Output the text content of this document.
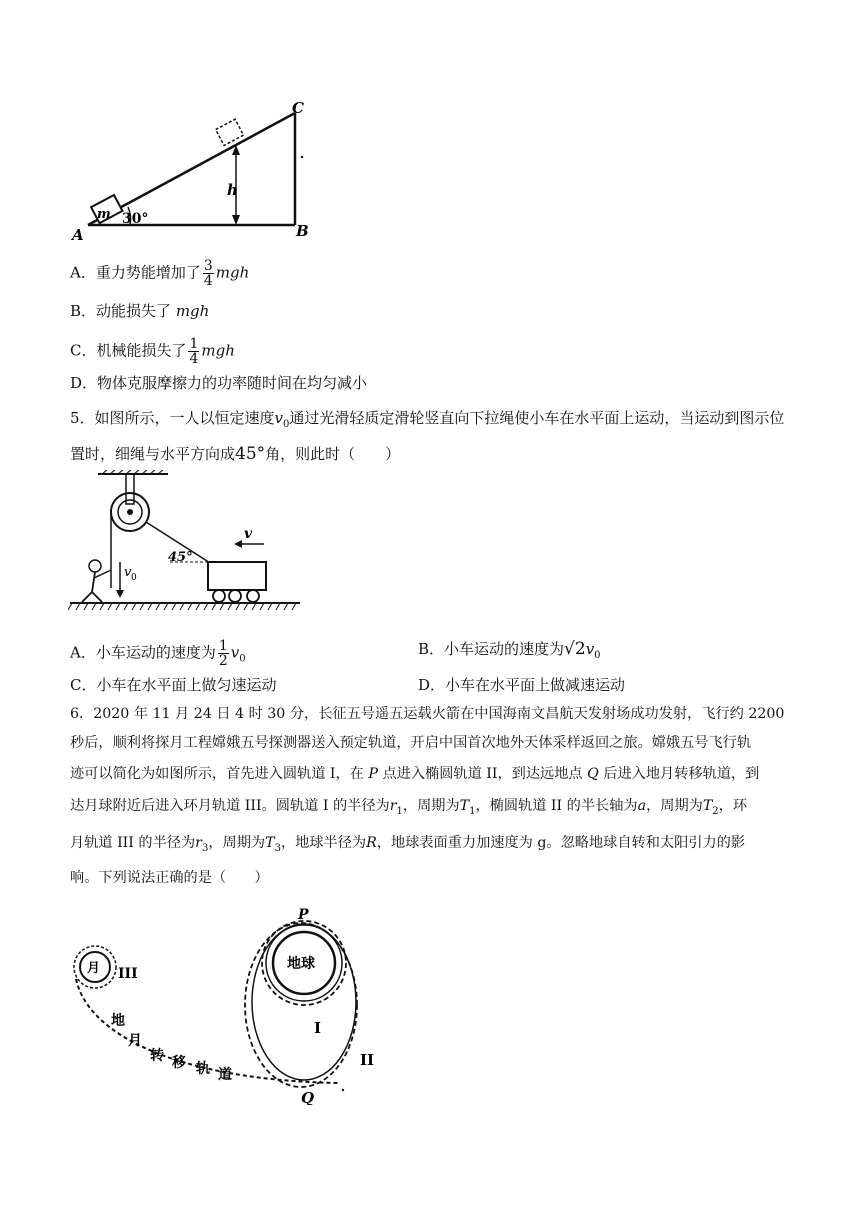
m 30°
h
A	B
C
A．重力势能增加了 $\frac{3}{4}$ mgh
B．动能损失了 mgh
C．机械能损失了 $\frac{1}{4}$ mgh
D．物体克服摩擦力的功率随时间在均匀减小
5．如图所示，一人以恒定速度$v_0$通过光滑轻质定滑轮竖直向下拉绳使小车在水平面上运动，当运动到图示位
置时，细绳与水平方向成45°角，则此时（　　）
45°
v
v 0
A．小车运动的速度为 $\frac{1}{2} v_0$
B．小车运动的速度为$√2v_0$
C．小车在水平面上做匀速运动	D．小车在水平面上做减速运动
6．2020 年 11 月 24 日 4 时 30 分，长征五号遥五运载火箭在中国海南文昌航天发射场成功发射，飞行约 2200
秒后，顺利将探月工程嫦娥五号探测器送入预定轨道，开启中国首次地外天体采样返回之旅。嫦娥五号飞行轨
迹可以简化为如图所示，首先进入圆轨道 I，在 P 点进入椭圆轨道 II，到达远地点 Q 后进入地月转移轨道，到
达月球附近后进入环月轨道 III。圆轨道 I 的半径为$r_1$，周期为$T_1$，椭圆轨道 II 的半长轴为a，周期为$T_2$，环
月轨道 III 的半径为$r_3$，周期为$T_3$，地球半径为R，地球表面重力加速度为 g。忽略地球自转和太阳引力的影
响。下列说法正确的是（　　）
月 III
地
月
转 移 轨 道
地球
P
I
II
Q
